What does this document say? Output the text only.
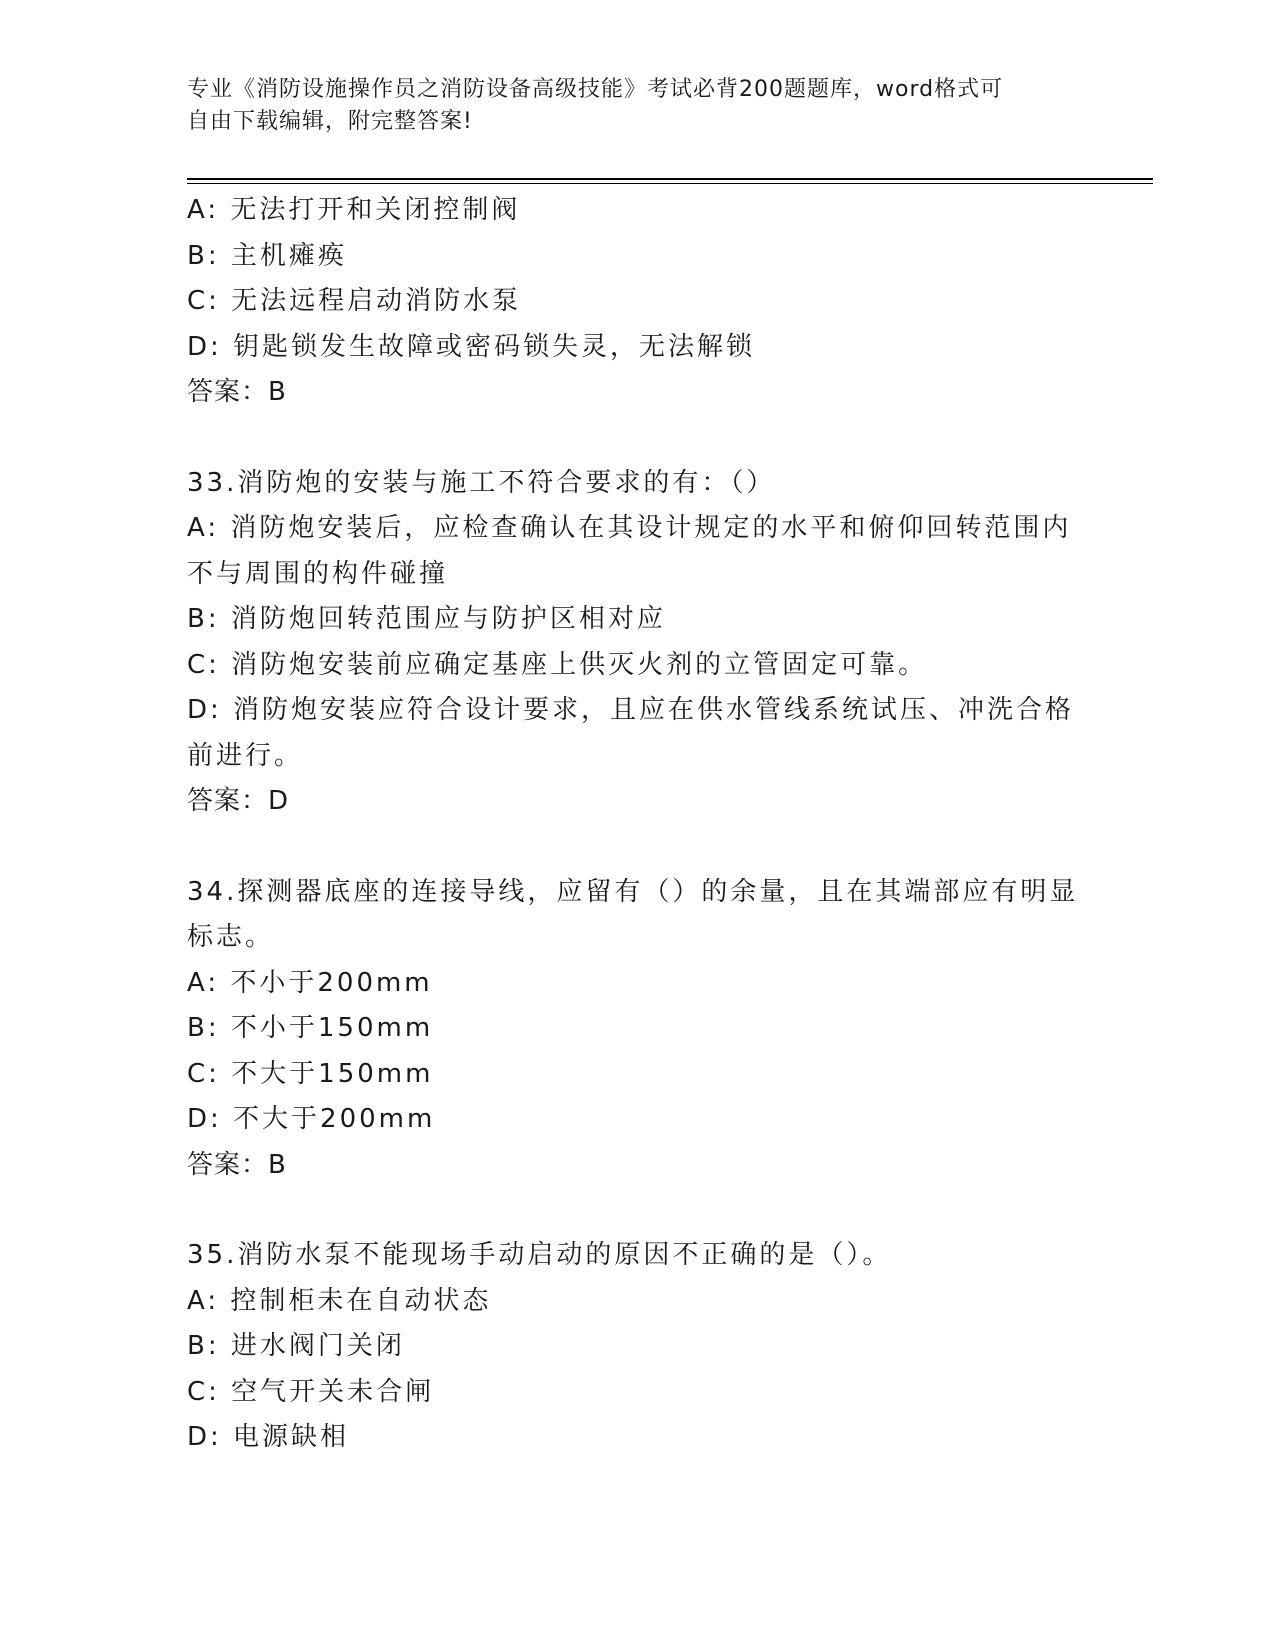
专业《消防设施操作员之消防设备高级技能》考试必背200题题库，word格式可
自由下载编辑，附完整答案!
A: 无法打开和关闭控制阀
B: 主机瘫痪
C: 无法远程启动消防水泵
D: 钥匙锁发生故障或密码锁失灵，无法解锁
答案：B
33.消防炮的安装与施工不符合要求的有：（）
A: 消防炮安装后，应检查确认在其设计规定的水平和俯仰回转范围内
不与周围的构件碰撞
B: 消防炮回转范围应与防护区相对应
C: 消防炮安装前应确定基座上供灭火剂的立管固定可靠。
D: 消防炮安装应符合设计要求，且应在供水管线系统试压、冲洗合格
前进行。
答案：D
34.探测器底座的连接导线，应留有（）的余量，且在其端部应有明显
标志。
A: 不小于200mm
B: 不小于150mm
C: 不大于150mm
D: 不大于200mm
答案：B
35.消防水泵不能现场手动启动的原因不正确的是（）。
A: 控制柜未在自动状态
B: 进水阀门关闭
C: 空气开关未合闸
D: 电源缺相
